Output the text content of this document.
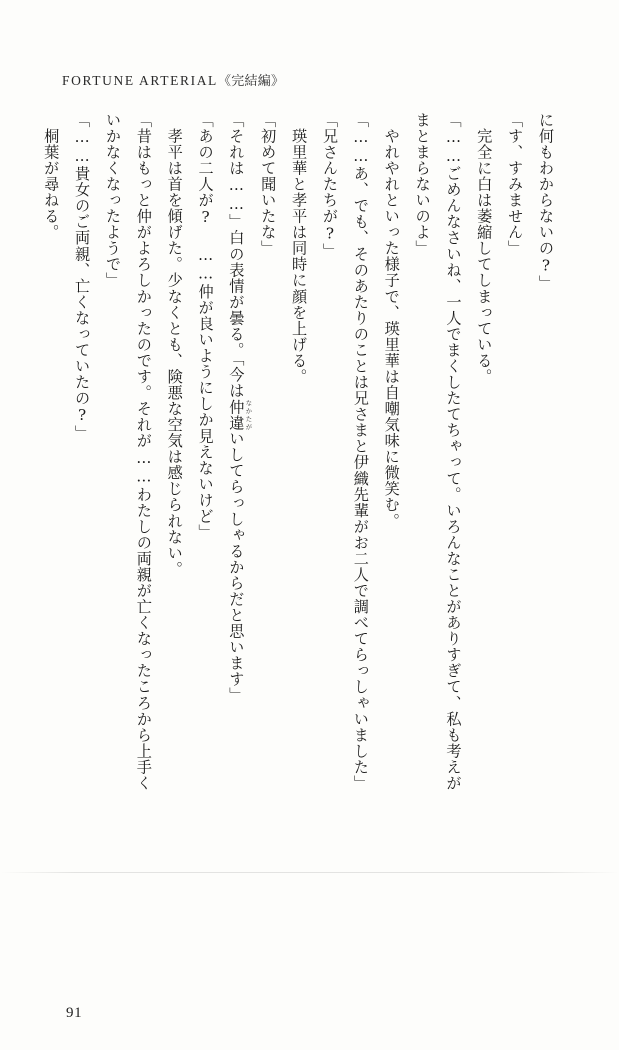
FORTUNE ARTERIAL《完結編》

に何もわからないの?」

「す、すみません」

　完全に白は萎縮してしまっている。

「……ごめんなさいね、一人でまくしたてちゃって。いろんなことがありすぎて、私も考えが

まとまらないのよ」

　やれやれといった様子で、瑛里華は自嘲気味に微笑む。

「……あ、でも、そのあたりのことは兄さまと伊織先輩がお二人で調べてらっしゃいました」

「兄さんたちが?」

　瑛里華と孝平は同時に顔を上げる。

「初めて聞いたな」

「それは……」白の表情が曇る。「今は仲違 なかたがいしてらっしゃるからだと思います」

「あの二人が? ……仲が良いようにしか見えないけど」

　孝平は首を傾げた。少なくとも、険悪な空気は感じられない。

「昔はもっと仲がよろしかったのです。それが……わたしの両親が亡くなったころから上手く

いかなくなったようで」

「……貴女のご両親、亡くなっていたの?」

　桐葉が尋ねる。

91
